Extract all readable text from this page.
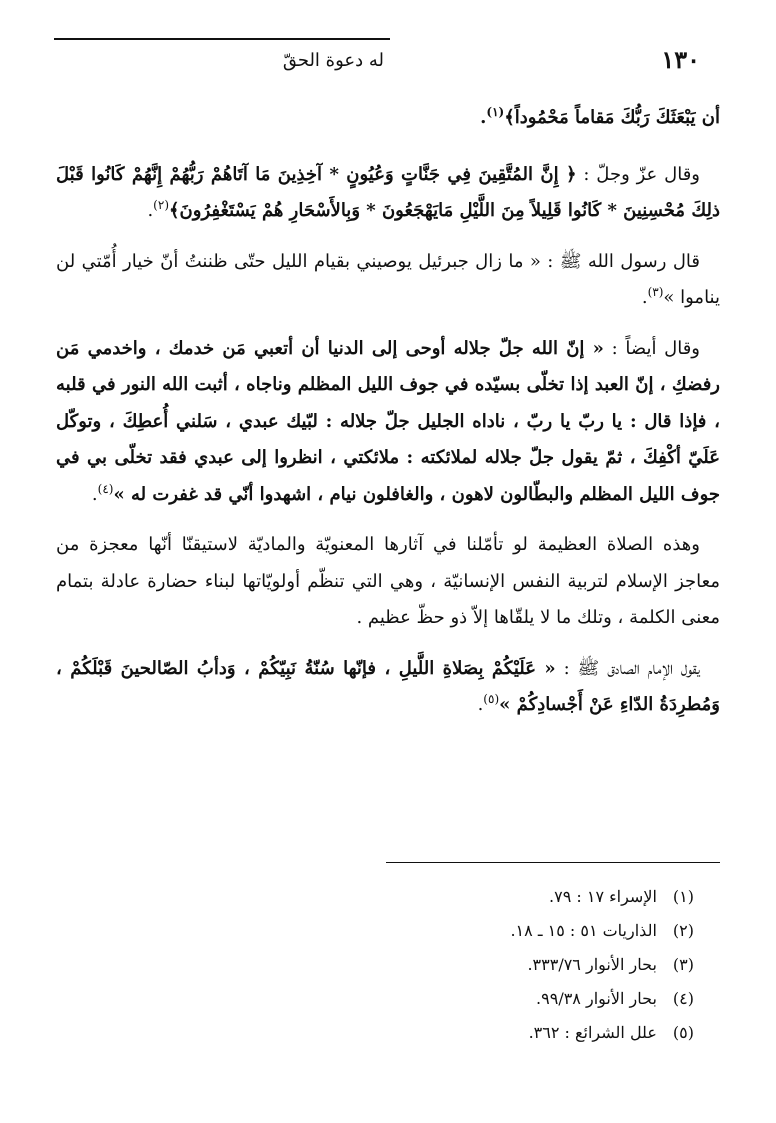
١٣٠
له دعوة الحقّ

أن يَبْعَثَكَ رَبُّكَ مَقاماً مَحْمُوداً﴾$^{(١)}$.

وقال عزّ وجلّ : ﴿ إِنَّ المُتَّقِينَ فِي جَنَّاتٍ وَعُيُونٍ * آخِذِينَ مَا آتَاهُمْ رَبُّهُمْ إِنَّهُمْ كَانُوا قَبْلَ ذلِكَ مُحْسِنِينَ * كَانُوا قَلِيلاً مِنَ اللَّيْلِ مَايَهْجَعُونَ * وَبِالأَسْحَارِ هُمْ يَسْتَغْفِرُونَ﴾$^{(٢)}$.

قال رسول الله ﷺ : « ما زال جبرئيل يوصيني بقيام الليل حتّى ظننتُ أنّ خيار أُمّتي لن يناموا »$^{(٣)}$.

وقال أيضاً : « إنّ الله جلّ جلاله أوحى إلى الدنيا أن أتعبي مَن خدمك ، واخدمي مَن رفضكِ ، إنّ العبد إذا تخلّى بسيّده في جوف الليل المظلم وناجاه ، أثبت الله النور في قلبه ، فإذا قال : يا ربّ يا ربّ ، ناداه الجليل جلّ جلاله : لبّيك عبدي ، سَلني أُعطِكَ ، وتوكّل عَلَيّ أكْفِكَ ، ثمّ يقول جلّ جلاله لملائكته : ملائكتي ، انظروا إلى عبدي فقد تخلّى بي في جوف الليل المظلم والبطّالون لاهون ، والغافلون نيام ، اشهدوا أنّي قد غفرت له »$^{(٤)}$.

وهذه الصلاة العظيمة لو تأمّلنا في آثارها المعنويّة والماديّة لاستيقنّا أنّها معجزة من معاجز الإسلام لتربية النفس الإنسانيّة ، وهي التي تنظّم أولويّاتها لبناء حضارة عادلة بتمام معنى الكلمة ، وتلك ما لا يلقّاها إلاّ ذو حظّ عظيم .

يقول الإمام الصادق ﷺ : « عَلَيْكُمْ بِصَلاةِ اللَّيلِ ، فإنّها سُنّةُ نَبِيّكُمْ ، وَدأبُ الصّالحينَ قَبْلَكُمْ ، وَمُطرِدَةُ الدّاءِ عَنْ أَجْسادِكُمْ »$^{(٥)}$.

(١) الإسراء ١٧ : ٧٩.
(٢) الذاريات ٥١ : ١٥ ـ ١٨.
(٣) بحار الأنوار ٣٣٣/٧٦.
(٤) بحار الأنوار ٩٩/٣٨.
(٥) علل الشرائع : ٣٦٢.
